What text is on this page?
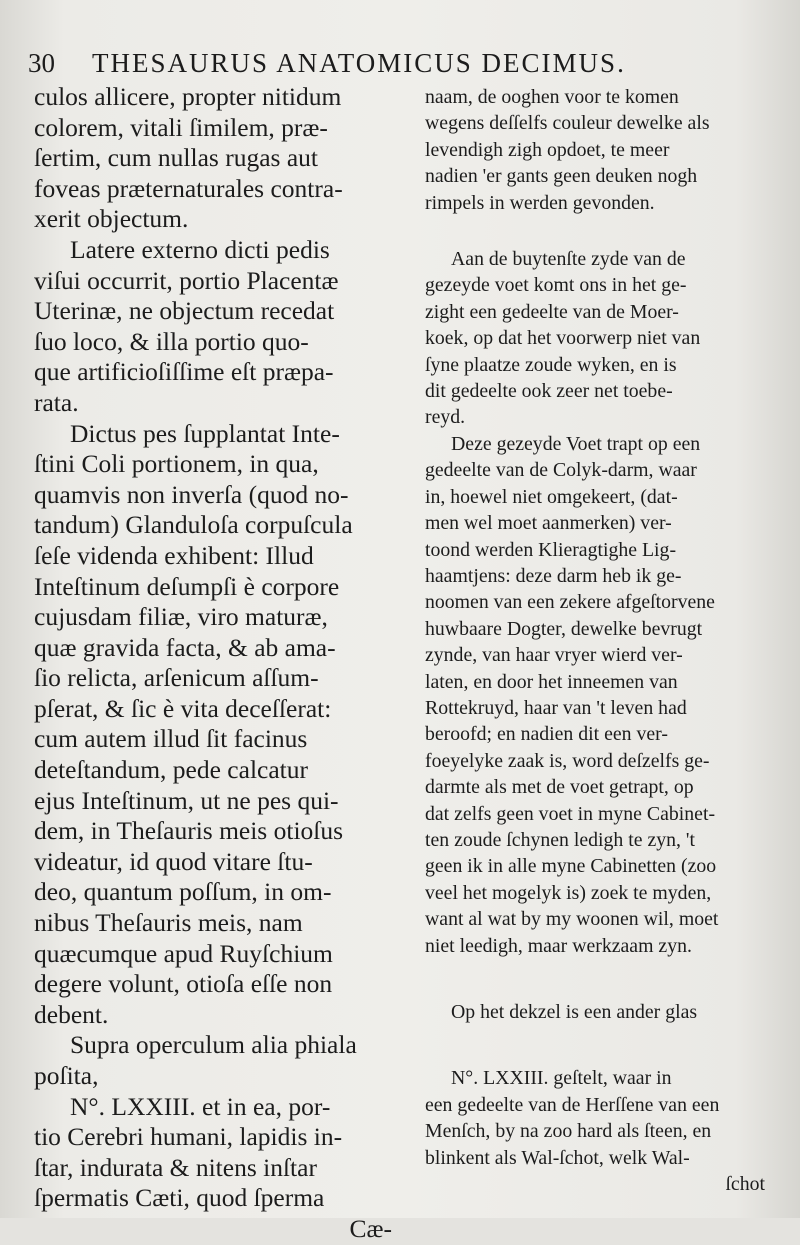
30 THESAURUS ANATOMICUS DECIMUS.
culos allicere, propter nitidum
colorem, vitali ſimilem, præ-
ſertim, cum nullas rugas aut
foveas præternaturales contra-
xerit objectum.
Latere externo dicti pedis
viſui occurrit, portio Placentæ
Uterinæ, ne objectum recedat
ſuo loco, & illa portio quo-
que artificioſiſſime eſt præpa-
rata.
Dictus pes ſupplantat Inte-
ſtini Coli portionem, in qua,
quamvis non inverſa (quod no-
tandum) Glanduloſa corpuſcula
ſeſe videnda exhibent: Illud
Inteſtinum deſumpſi è corpore
cujusdam filiæ, viro maturæ,
quæ gravida facta, & ab ama-
ſio relicta, arſenicum aſſum-
pſerat, & ſic è vita deceſſerat:
cum autem illud ſit facinus
deteſtandum, pede calcatur
ejus Inteſtinum, ut ne pes qui-
dem, in Theſauris meis otioſus
videatur, id quod vitare ſtu-
deo, quantum poſſum, in om-
nibus Theſauris meis, nam
quæcumque apud Ruyſchium
degere volunt, otioſa eſſe non
debent.
Supra operculum alia phiala
poſita,
N°. LXXIII. et in ea, por-
tio Cerebri humani, lapidis in-
ſtar, indurata & nitens inſtar
ſpermatis Cæti, quod ſperma
Cæ-
naam, de ooghen voor te komen
wegens deſſelfs couleur dewelke als
levendigh zigh opdoet, te meer
nadien 'er gants geen deuken nogh
rimpels in werden gevonden.
Aan de buytenſte zyde van de
gezeyde voet komt ons in het ge-
zight een gedeelte van de Moer-
koek, op dat het voorwerp niet van
ſyne plaatze zoude wyken, en is
dit gedeelte ook zeer net toebe-
reyd.
Deze gezeyde Voet trapt op een
gedeelte van de Colyk-darm, waar
in, hoewel niet omgekeert, (dat-
men wel moet aanmerken) ver-
toond werden Klieragtighe Lig-
haamtjens: deze darm heb ik ge-
noomen van een zekere afgeſtorvene
huwbaare Dogter, dewelke bevrugt
zynde, van haar vryer wierd ver-
laten, en door het inneemen van
Rottekruyd, haar van 't leven had
beroofd; en nadien dit een ver-
foeyelyke zaak is, word deſzelfs ge-
darmte als met de voet getrapt, op
dat zelfs geen voet in myne Cabinet-
ten zoude ſchynen ledigh te zyn, 't
geen ik in alle myne Cabinetten (zoo
veel het mogelyk is) zoek te myden,
want al wat by my woonen wil, moet
niet leedigh, maar werkzaam zyn.
Op het dekzel is een ander glas
N°. LXXIII. geſtelt, waar in
een gedeelte van de Herſſene van een
Menſch, by na zoo hard als ſteen, en
blinkent als Wal-ſchot, welk Wal-
ſchot
